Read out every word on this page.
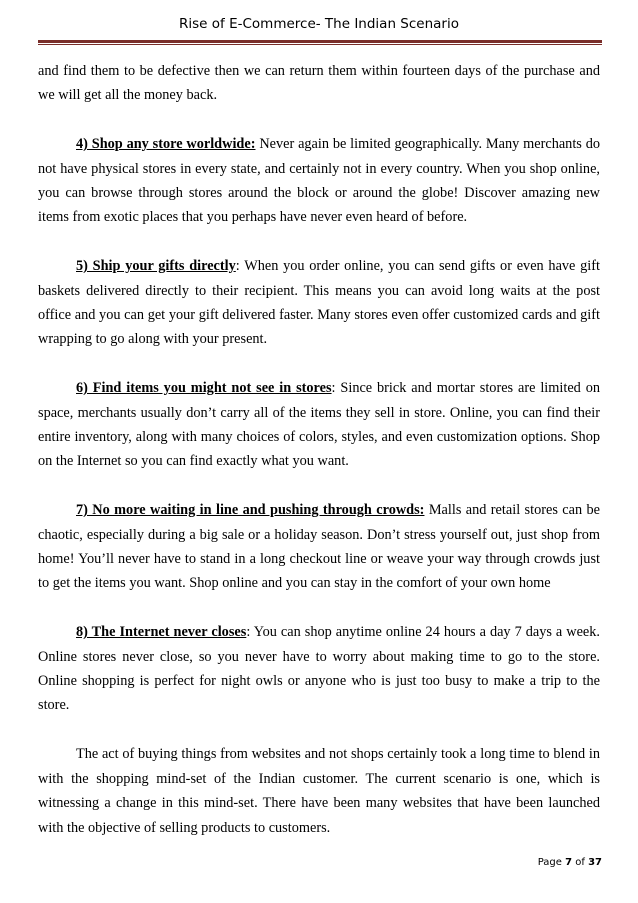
Rise of E-Commerce- The Indian Scenario

and find them to be defective then we can return them within fourteen days of the purchase and we will get all the money back.

4) Shop any store worldwide: Never again be limited geographically. Many merchants do not have physical stores in every state, and certainly not in every country. When you shop online, you can browse through stores around the block or around the globe! Discover amazing new items from exotic places that you perhaps have never even heard of before.

5) Ship your gifts directly: When you order online, you can send gifts or even have gift baskets delivered directly to their recipient. This means you can avoid long waits at the post office and you can get your gift delivered faster. Many stores even offer customized cards and gift wrapping to go along with your present.

6) Find items you might not see in stores: Since brick and mortar stores are limited on space, merchants usually don’t carry all of the items they sell in store. Online, you can find their entire inventory, along with many choices of colors, styles, and even customization options. Shop on the Internet so you can find exactly what you want.

7) No more waiting in line and pushing through crowds: Malls and retail stores can be chaotic, especially during a big sale or a holiday season. Don’t stress yourself out, just shop from home! You’ll never have to stand in a long checkout line or weave your way through crowds just to get the items you want. Shop online and you can stay in the comfort of your own home

8) The Internet never closes: You can shop anytime online 24 hours a day 7 days a week. Online stores never close, so you never have to worry about making time to go to the store. Online shopping is perfect for night owls or anyone who is just too busy to make a trip to the store.

The act of buying things from websites and not shops certainly took a long time to blend in with the shopping mind-set of the Indian customer. The current scenario is one, which is witnessing a change in this mind-set. There have been many websites that have been launched with the objective of selling products to customers.

Page 7 of 37
